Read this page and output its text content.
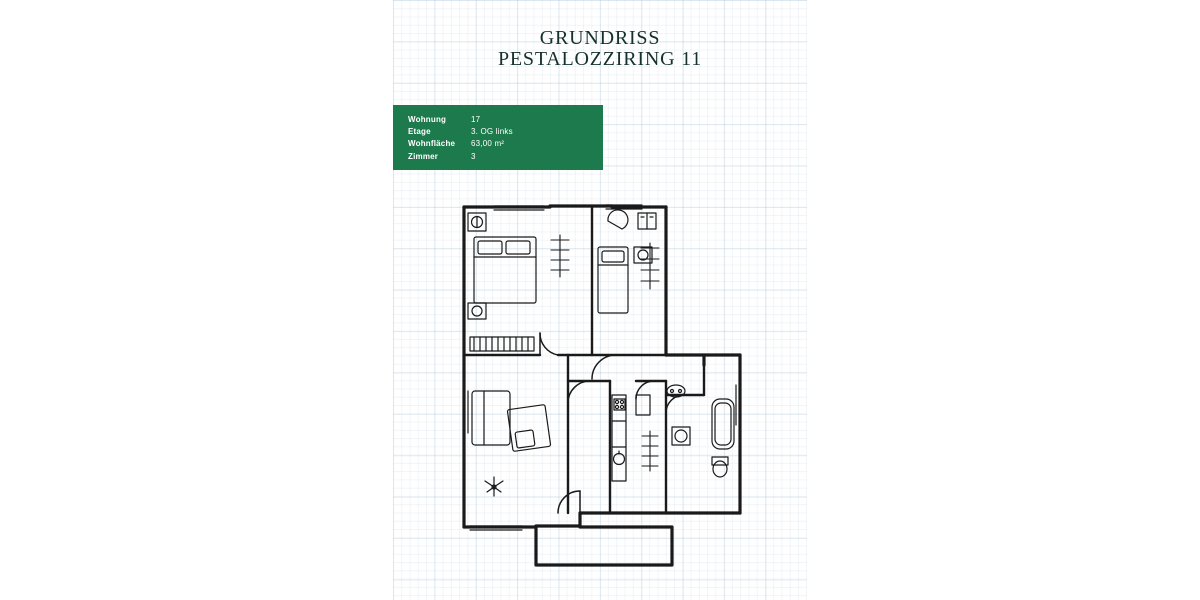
GRUNDRISS
PESTALOZZIRING 11
Wohnung	17
Etage	3. OG links
Wohnfläche	63,00 m²
Zimmer	3
